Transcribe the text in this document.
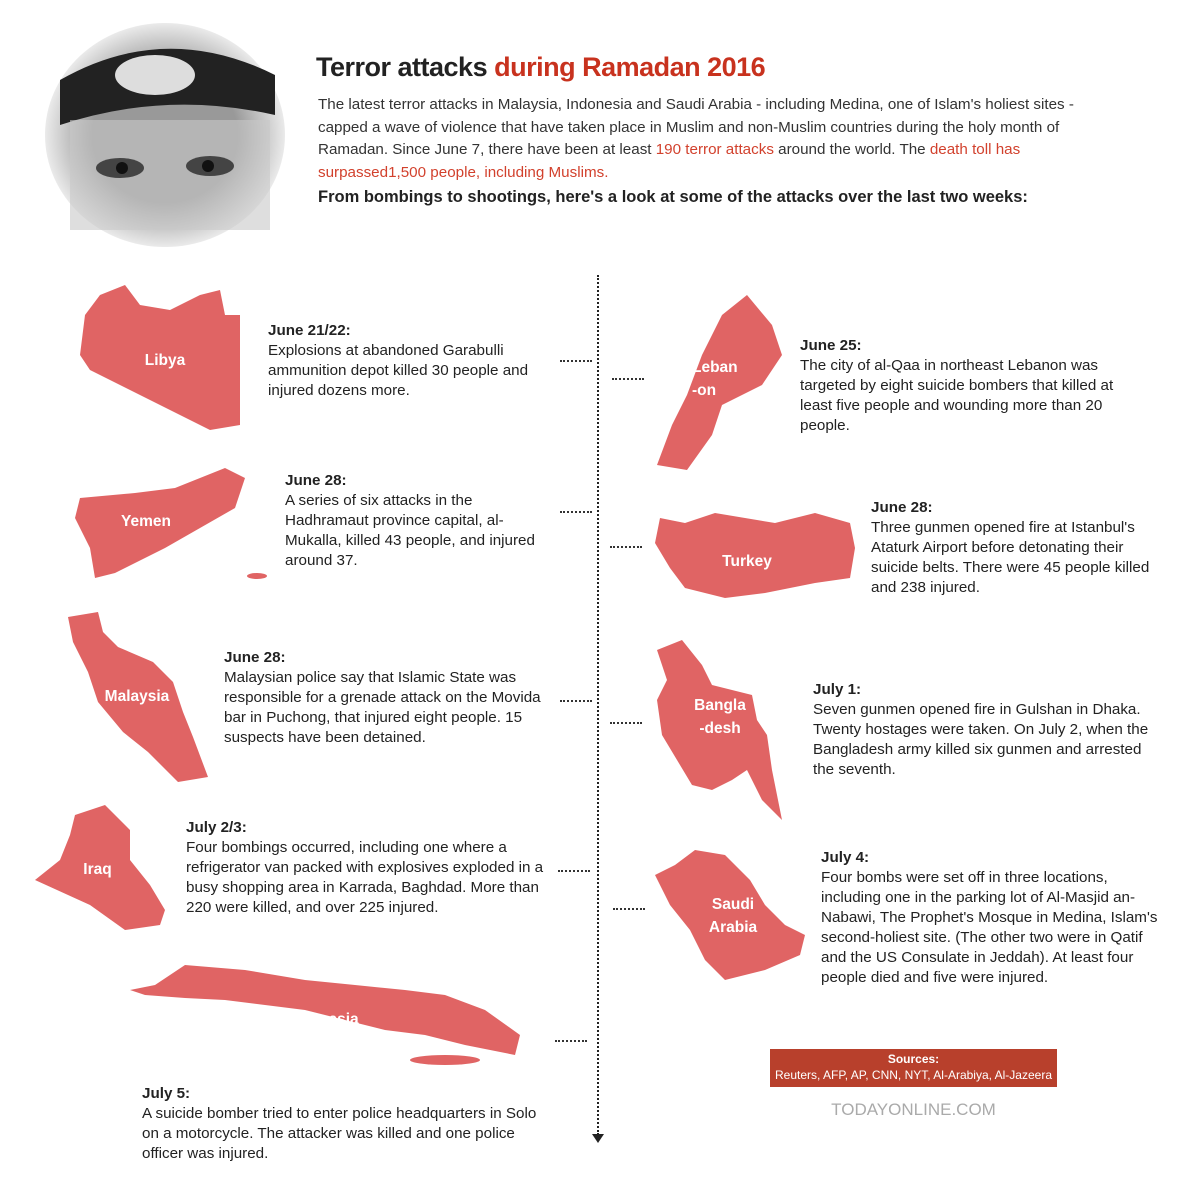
Terror attacks during Ramadan 2016
The latest terror attacks in Malaysia, Indonesia and Saudi Arabia - including Medina, one of Islam's holiest sites - capped a wave of violence that have taken place in Muslim and non-Muslim countries during the holy month of Ramadan. Since June 7, there have been at least 190 terror attacks around the world. The death toll has surpassed1,500 people, including Muslims.
From bombings to shootings, here's a look at some of the attacks over the last two weeks:
Libya
June 21/22:
Explosions at abandoned Garabulli ammunition depot killed 30 people and injured dozens more.
Yemen
June 28:
A series of six attacks in the Hadhramaut province capital, al-Mukalla, killed 43 people, and injured around 37.
Malaysia
June 28:
Malaysian police say that Islamic State was responsible for a grenade attack on the Movida bar in Puchong, that injured eight people. 15 suspects have been detained.
Iraq
July 2/3:
Four bombings occurred, including one where a refrigerator van packed with explosives exploded in a busy shopping area in Karrada, Baghdad. More than 220 were killed, and over 225 injured.
Indonesia
July 5:
A suicide bomber tried to enter police headquarters in Solo on a motorcycle. The attacker was killed and one police officer was injured.
Leban
-on
June 25:
The city of al-Qaa in northeast Lebanon was targeted by eight suicide bombers that killed at least five people and wounding more than 20 people.
Turkey
June 28:
Three gunmen opened fire at Istanbul's Ataturk Airport before detonating their suicide belts. There were 45 people killed and 238 injured.
Bangla
-desh
July 1:
Seven gunmen opened fire in Gulshan in Dhaka. Twenty hostages were taken. On July 2, when the Bangladesh army killed six gunmen and arrested the seventh.
Saudi
Arabia
July 4:
Four bombs were set off in three locations, including one in the parking lot of Al-Masjid an-Nabawi, The Prophet's Mosque in Medina, Islam's second-holiest site. (The other two were in Qatif and the US Consulate in Jeddah). At least four people died and five were injured.
Sources:
Reuters, AFP, AP, CNN, NYT, Al-Arabiya, Al-Jazeera
TODAYONLINE.COM
